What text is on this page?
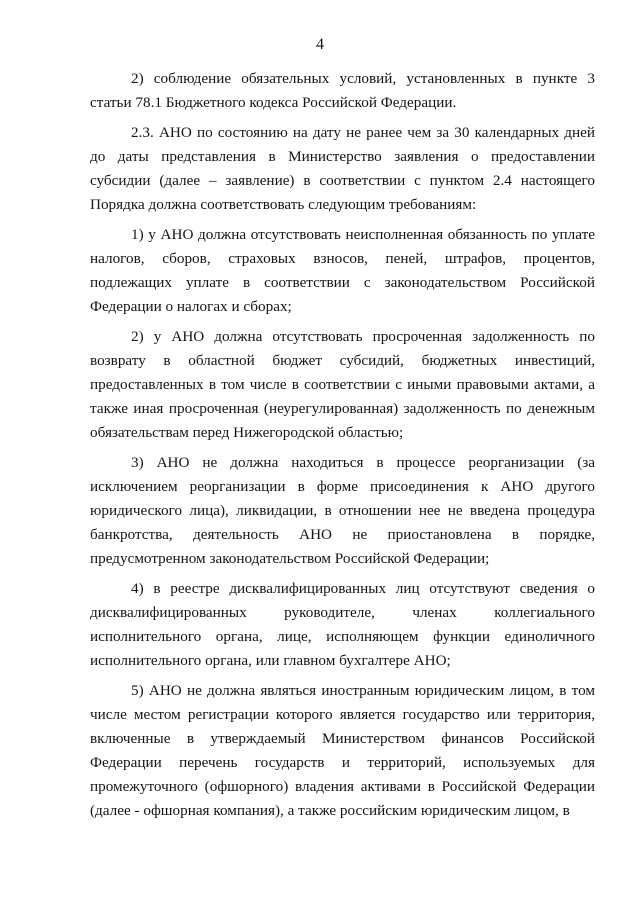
4

2) соблюдение обязательных условий, установленных в пункте 3 статьи 78.1 Бюджетного кодекса Российской Федерации.

2.3. АНО по состоянию на дату не ранее чем за 30 календарных дней до даты представления в Министерство заявления о предоставлении субсидии (далее – заявление) в соответствии с пунктом 2.4 настоящего Порядка должна соответствовать следующим требованиям:

1) у АНО должна отсутствовать неисполненная обязанность по уплате налогов, сборов, страховых взносов, пеней, штрафов, процентов, подлежащих уплате в соответствии с законодательством Российской Федерации о налогах и сборах;

2) у АНО должна отсутствовать просроченная задолженность по возврату в областной бюджет субсидий, бюджетных инвестиций, предоставленных в том числе в соответствии с иными правовыми актами, а также иная просроченная (неурегулированная) задолженность по денежным обязательствам перед Нижегородской областью;

3) АНО не должна находиться в процессе реорганизации (за исключением реорганизации в форме присоединения к АНО другого юридического лица), ликвидации, в отношении нее не введена процедура банкротства, деятельность АНО не приостановлена в порядке, предусмотренном законодательством Российской Федерации;

4) в реестре дисквалифицированных лиц отсутствуют сведения о дисквалифицированных руководителе, членах коллегиального исполнительного органа, лице, исполняющем функции единоличного исполнительного органа, или главном бухгалтере АНО;

5) АНО не должна являться иностранным юридическим лицом, в том числе местом регистрации которого является государство или территория, включенные в утверждаемый Министерством финансов Российской Федерации перечень государств и территорий, используемых для промежуточного (офшорного) владения активами в Российской Федерации (далее - офшорная компания), а также российским юридическим лицом, в
